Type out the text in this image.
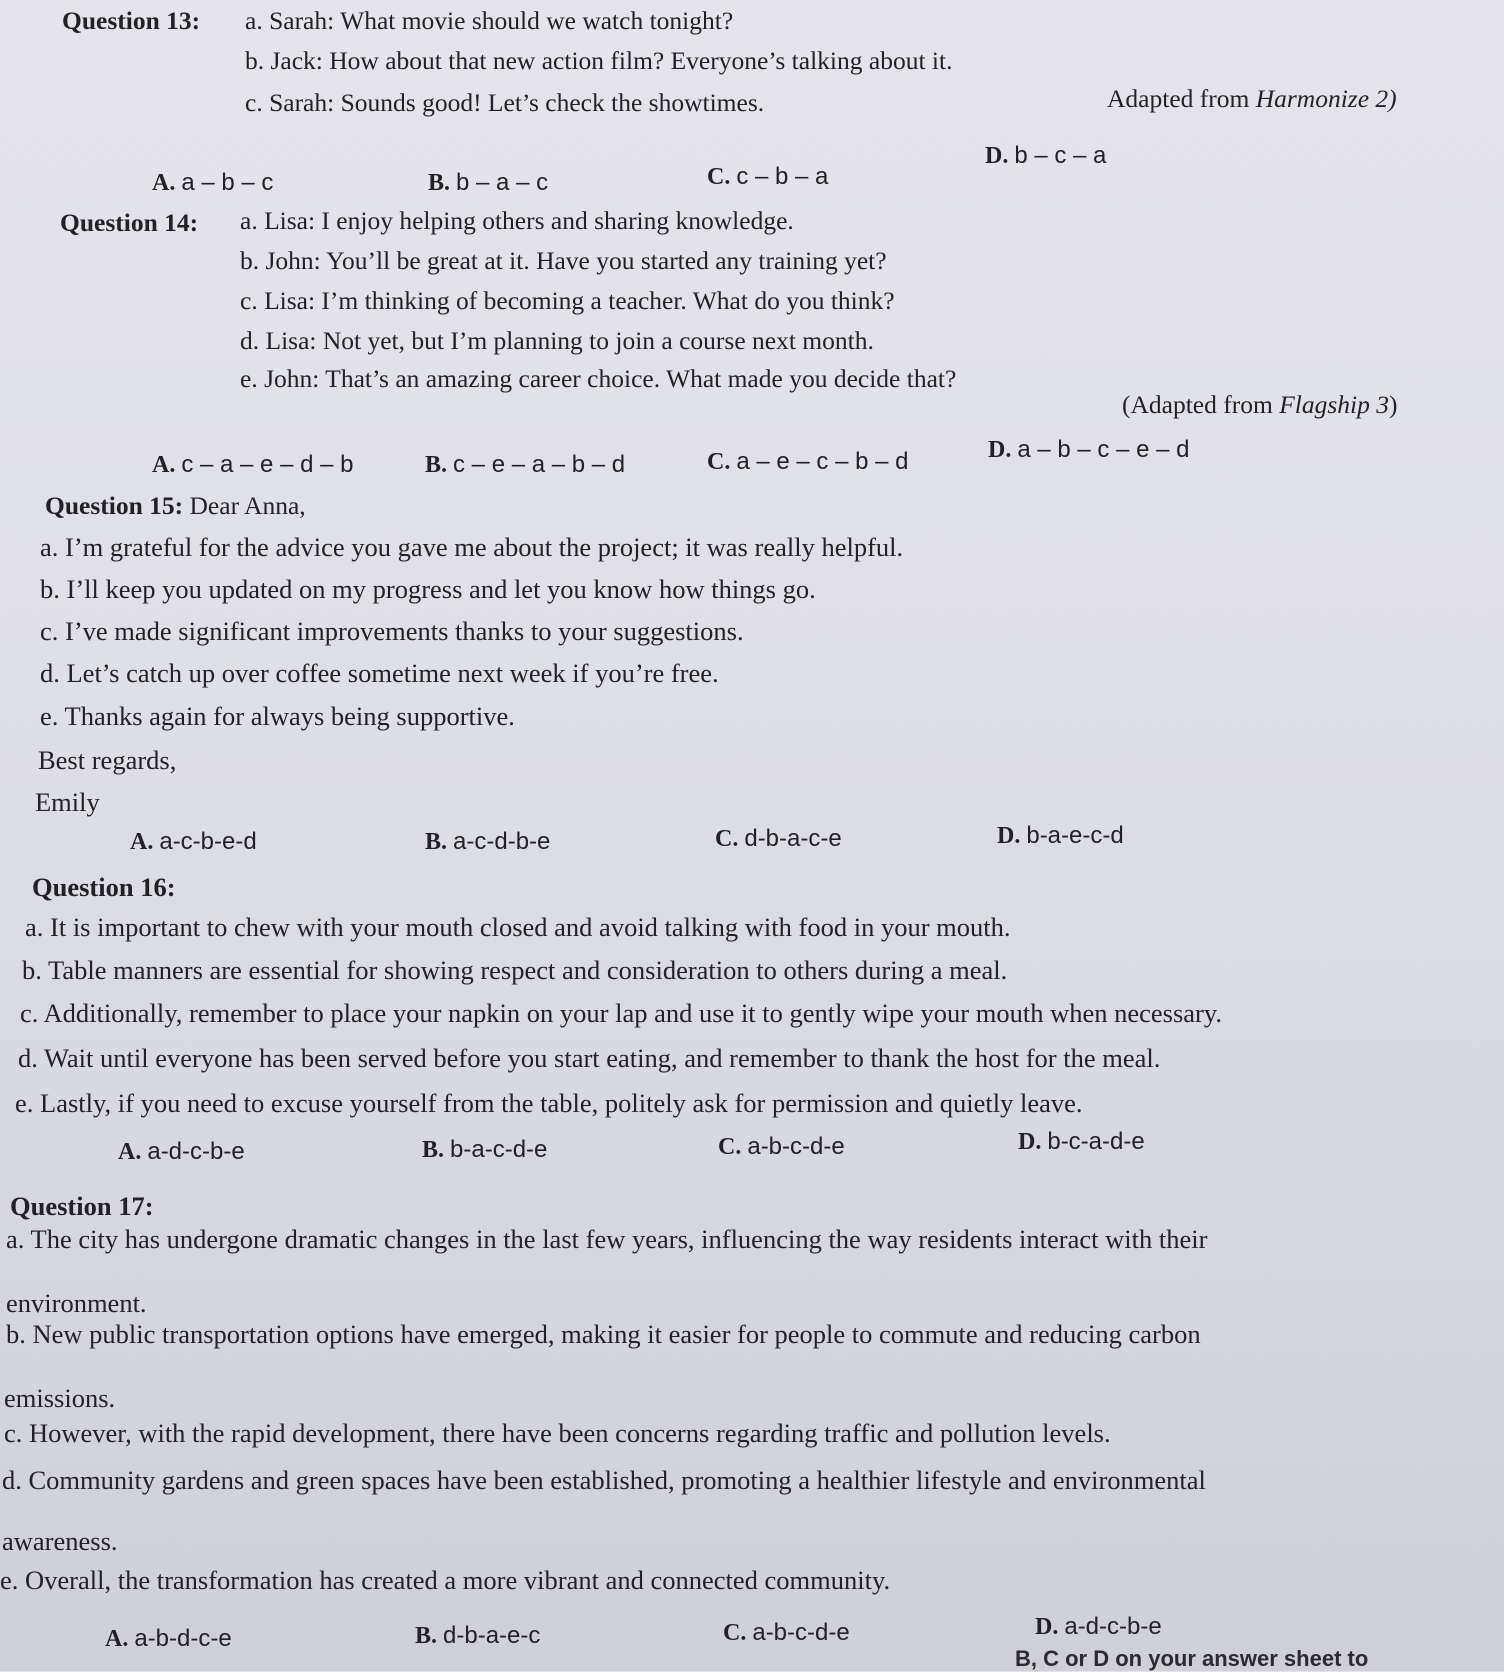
Question 13: a. Sarah: What movie should we watch tonight?
b. Jack: How about that new action film? Everyone’s talking about it.
c. Sarah: Sounds good! Let’s check the showtimes.	Adapted from Harmonize 2)
A. a – b – c	B. b – a – c	C. c – b – a
D. b – c – a
Question 14: a. Lisa: I enjoy helping others and sharing knowledge.
b. John: You’ll be great at it. Have you started any training yet?
c. Lisa: I’m thinking of becoming a teacher. What do you think?
d. Lisa: Not yet, but I’m planning to join a course next month.
e. John: That’s an amazing career choice. What made you decide that?
(Adapted from Flagship 3)
A. c – a – e – d – b	B. c – e – a – b – d	C. a – e – c – b – d	D. a – b – c – e – d
Question 15: Dear Anna,
a. I’m grateful for the advice you gave me about the project; it was really helpful.
b. I’ll keep you updated on my progress and let you know how things go.
c. I’ve made significant improvements thanks to your suggestions.
d. Let’s catch up over coffee sometime next week if you’re free.
e. Thanks again for always being supportive.
Best regards,
Emily
A. a-c-b-e-d	B. a-c-d-b-e	C. d-b-a-c-e	D. b-a-e-c-d
Question 16:
a. It is important to chew with your mouth closed and avoid talking with food in your mouth.
b. Table manners are essential for showing respect and consideration to others during a meal.
c. Additionally, remember to place your napkin on your lap and use it to gently wipe your mouth when necessary.
d. Wait until everyone has been served before you start eating, and remember to thank the host for the meal.
e. Lastly, if you need to excuse yourself from the table, politely ask for permission and quietly leave.
A. a-d-c-b-e	B. b-a-c-d-e	C. a-b-c-d-e	D. b-c-a-d-e
Question 17:
a. The city has undergone dramatic changes in the last few years, influencing the way residents interact with their
environment.
b. New public transportation options have emerged, making it easier for people to commute and reducing carbon
emissions.
c. However, with the rapid development, there have been concerns regarding traffic and pollution levels.
d. Community gardens and green spaces have been established, promoting a healthier lifestyle and environmental
awareness.
e. Overall, the transformation has created a more vibrant and connected community.
A. a-b-d-c-e	B. d-b-a-e-c	C. a-b-c-d-e	D. a-d-c-b-e
B, C or D on your answer sheet to
